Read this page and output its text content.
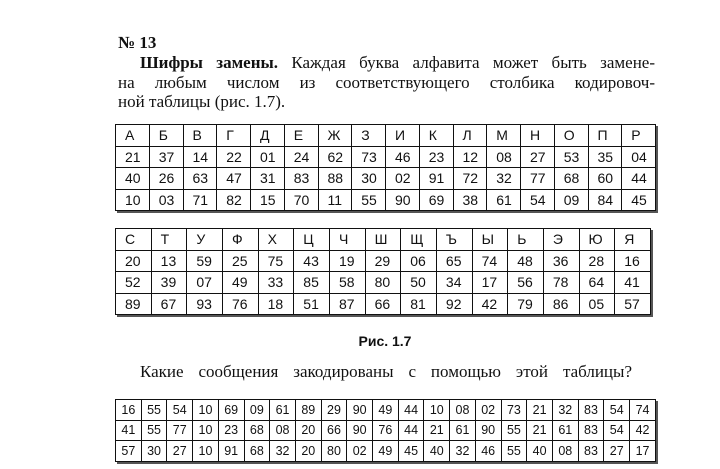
№ 13
Шифры замены. Каждая буква алфавита может быть замене-
на любым числом из соответствующего столбика кодировоч-
ной таблицы (рис. 1.7).
А	Б	В	Г	Д	Е	Ж	З	И	К	Л	М	Н	О	П	Р
21	37	14	22	01	24	62	73	46	23	12	08	27	53	35	04
40	26	63	47	31	83	88	30	02	91	72	32	77	68	60	44
10	03	71	82	15	70	11	55	90	69	38	61	54	09	84	45
С	Т	У	Ф	Х	Ц	Ч	Ш	Щ	Ъ	Ы	Ь	Э	Ю	Я
20	13	59	25	75	43	19	29	06	65	74	48	36	28	16
52	39	07	49	33	85	58	80	50	34	17	56	78	64	41
89	67	93	76	18	51	87	66	81	92	42	79	86	05	57
Рис. 1.7
Какие сообщения закодированы с помощью этой таблицы?
16	55	54	10	69	09	61	89	29	90	49	44	10	08	02	73	21	32	83	54	74
41	55	77	10	23	68	08	20	66	90	76	44	21	61	90	55	21	61	83	54	42
57	30	27	10	91	68	32	20	80	02	49	45	40	32	46	55	40	08	83	27	17
